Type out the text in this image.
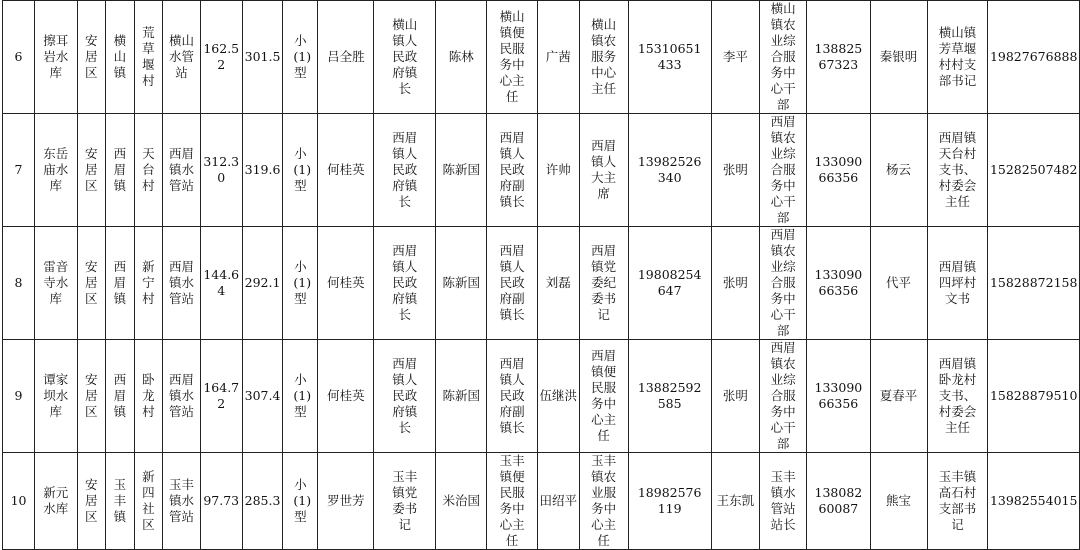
6	擦耳岩水库	安居区	横山镇	荒草堰村	横山水管站	162.52	301.5	小(1)型	吕全胜	横山镇人民政府镇长	陈林	横山镇便民服务中心主任	广茜	横山镇农服务中心主任	15310651433	李平	横山镇农业综合服务中心干部	13882567323	秦银明	横山镇芳草堰村村支部书记	19827676888
7	东岳庙水库	安居区	西眉镇	天台村	西眉镇水管站	312.30	319.6	小(1)型	何桂英	西眉镇人民政府镇长	陈新国	西眉镇人民政府副镇长	许帅	西眉镇人大主席	13982526340	张明	西眉镇农业综合服务中心干部	13309066356	杨云	西眉镇天台村支书、村委会主任	15282507482
8	雷音寺水库	安居区	西眉镇	新宁村	西眉镇水管站	144.64	292.1	小(1)型	何桂英	西眉镇人民政府镇长	陈新国	西眉镇人民政府副镇长	刘磊	西眉镇党委纪委书记	19808254647	张明	西眉镇农业综合服务中心干部	13309066356	代平	西眉镇四坪村文书	15828872158
9	谭家坝水库	安居区	西眉镇	卧龙村	西眉镇水管站	164.72	307.4	小(1)型	何桂英	西眉镇人民政府镇长	陈新国	西眉镇人民政府副镇长	伍继洪	西眉镇便民服务中心主任	13882592585	张明	西眉镇农业综合服务中心干部	13309066356	夏春平	西眉镇卧龙村支书、村委会主任	15828879510
10	新元水库	安居区	玉丰镇	新四社区	玉丰镇水管站	97.73	285.3	小(1)型	罗世芳	玉丰镇党委书记	米治国	玉丰镇便民服务中心主任	田绍平	玉丰镇农业服务中心主任	18982576119	王东凯	玉丰镇水管站站长	13808260087	熊宝	玉丰镇高石村支部书记	13982554015
